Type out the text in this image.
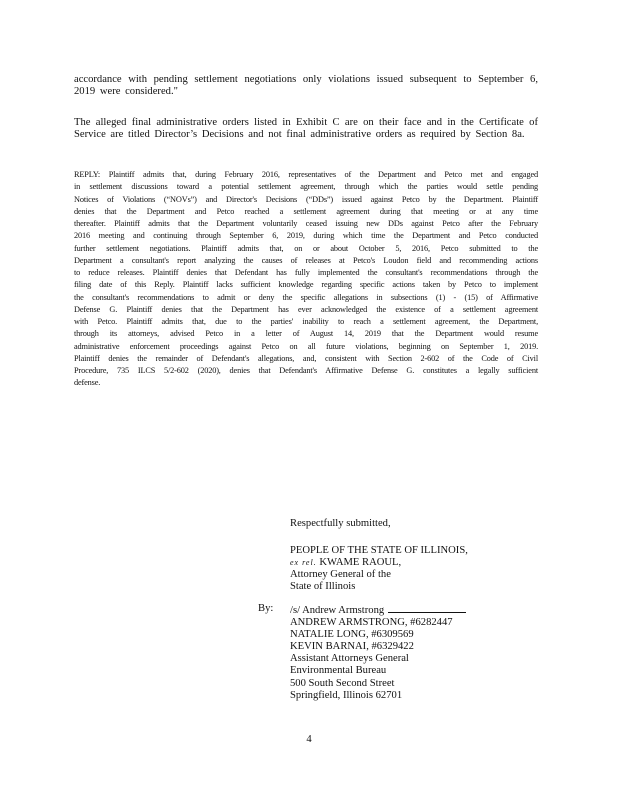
accordance with pending settlement negotiations only violations issued subsequent to September 6, 2019 were considered."
The alleged final administrative orders listed in Exhibit C are on their face and in the Certificate of Service are titled Director’s Decisions and not final administrative orders as required by Section 8a.
REPLY: Plaintiff admits that, during February 2016, representatives of the Department and Petco met and engaged in settlement discussions toward a potential settlement agreement, through which the parties would settle pending Notices of Violations (“NOVs”) and Director's Decisions (“DDs”) issued against Petco by the Department. Plaintiff denies that the Department and Petco reached a settlement agreement during that meeting or at any time thereafter. Plaintiff admits that the Department voluntarily ceased issuing new DDs against Petco after the February 2016 meeting and continuing through September 6, 2019, during which time the Department and Petco conducted further settlement negotiations. Plaintiff admits that, on or about October 5, 2016, Petco submitted to the Department a consultant's report analyzing the causes of releases at Petco's Loudon field and recommending actions to reduce releases. Plaintiff denies that Defendant has fully implemented the consultant's recommendations through the filing date of this Reply. Plaintiff lacks sufficient knowledge regarding specific actions taken by Petco to implement the consultant's recommendations to admit or deny the specific allegations in subsections (1) - (15) of Affirmative Defense G. Plaintiff denies that the Department has ever acknowledged the existence of a settlement agreement with Petco. Plaintiff admits that, due to the parties' inability to reach a settlement agreement, the Department, through its attorneys, advised Petco in a letter of August 14, 2019 that the Department would resume administrative enforcement proceedings against Petco on all future violations, beginning on September 1, 2019. Plaintiff denies the remainder of Defendant's allegations, and, consistent with Section 2-602 of the Code of Civil Procedure, 735 ILCS 5/2-602 (2020), denies that Defendant's Affirmative Defense G. constitutes a legally sufficient defense.
Respectfully submitted,
PEOPLE OF THE STATE OF ILLINOIS,
ex rel. KWAME RAOUL,
Attorney General of the
State of Illinois
By: /s/ Andrew Armstrong
ANDREW ARMSTRONG, #6282447
NATALIE LONG, #6309569
KEVIN BARNAI, #6329422
Assistant Attorneys General
Environmental Bureau
500 South Second Street
Springfield, Illinois 62701
4
